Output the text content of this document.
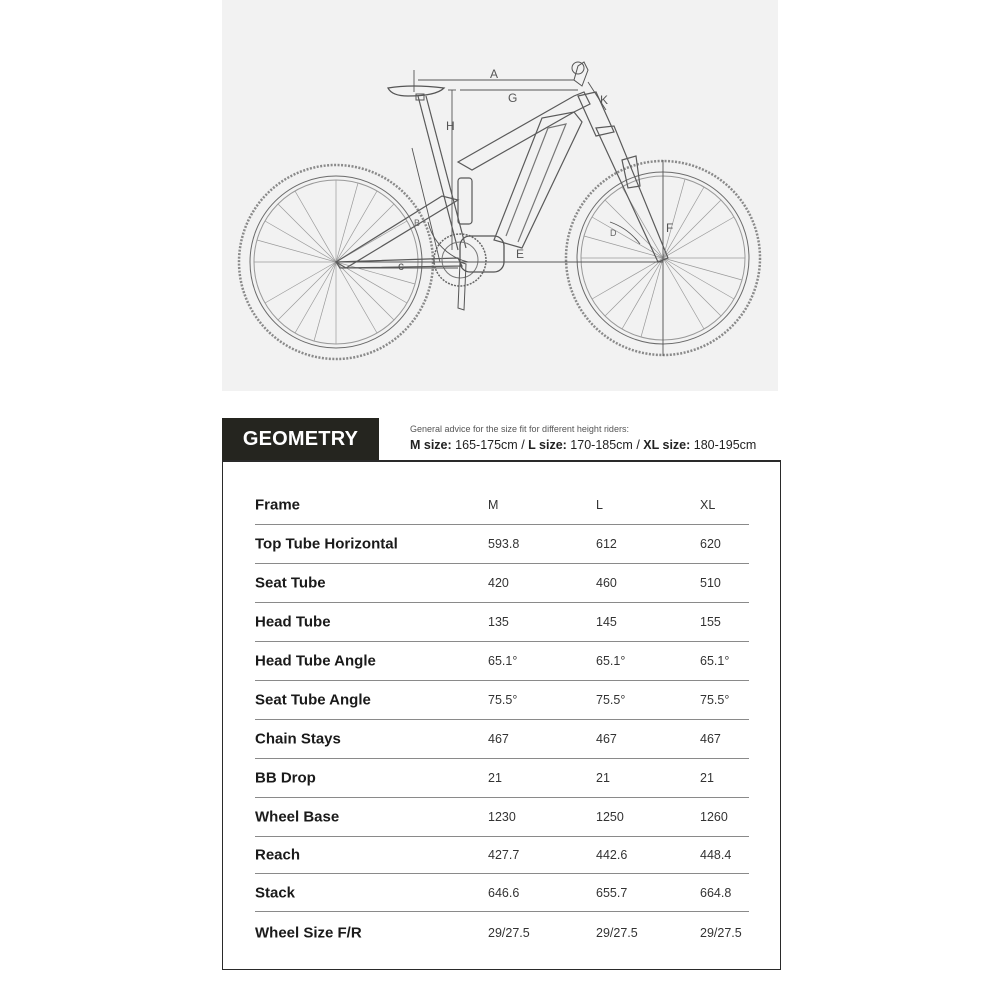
A
G
H
K
B
c
E
D	F
GEOMETRY	General advice for the size fit for different height riders:
M size: 165-175cm / L size: 170-185cm / XL size: 180-195cm
Frame	M	L	XL
Top Tube Horizontal	593.8	612	620
Seat Tube	420	460	510
Head Tube	135	145	155
Head Tube Angle	65.1°	65.1°	65.1°
Seat Tube Angle	75.5°	75.5°	75.5°
Chain Stays	467	467	467
BB Drop	21	21	21
Wheel Base	1230	1250	1260
Reach	427.7	442.6	448.4
Stack	646.6	655.7	664.8
Wheel Size F/R	29/27.5	29/27.5	29/27.5
